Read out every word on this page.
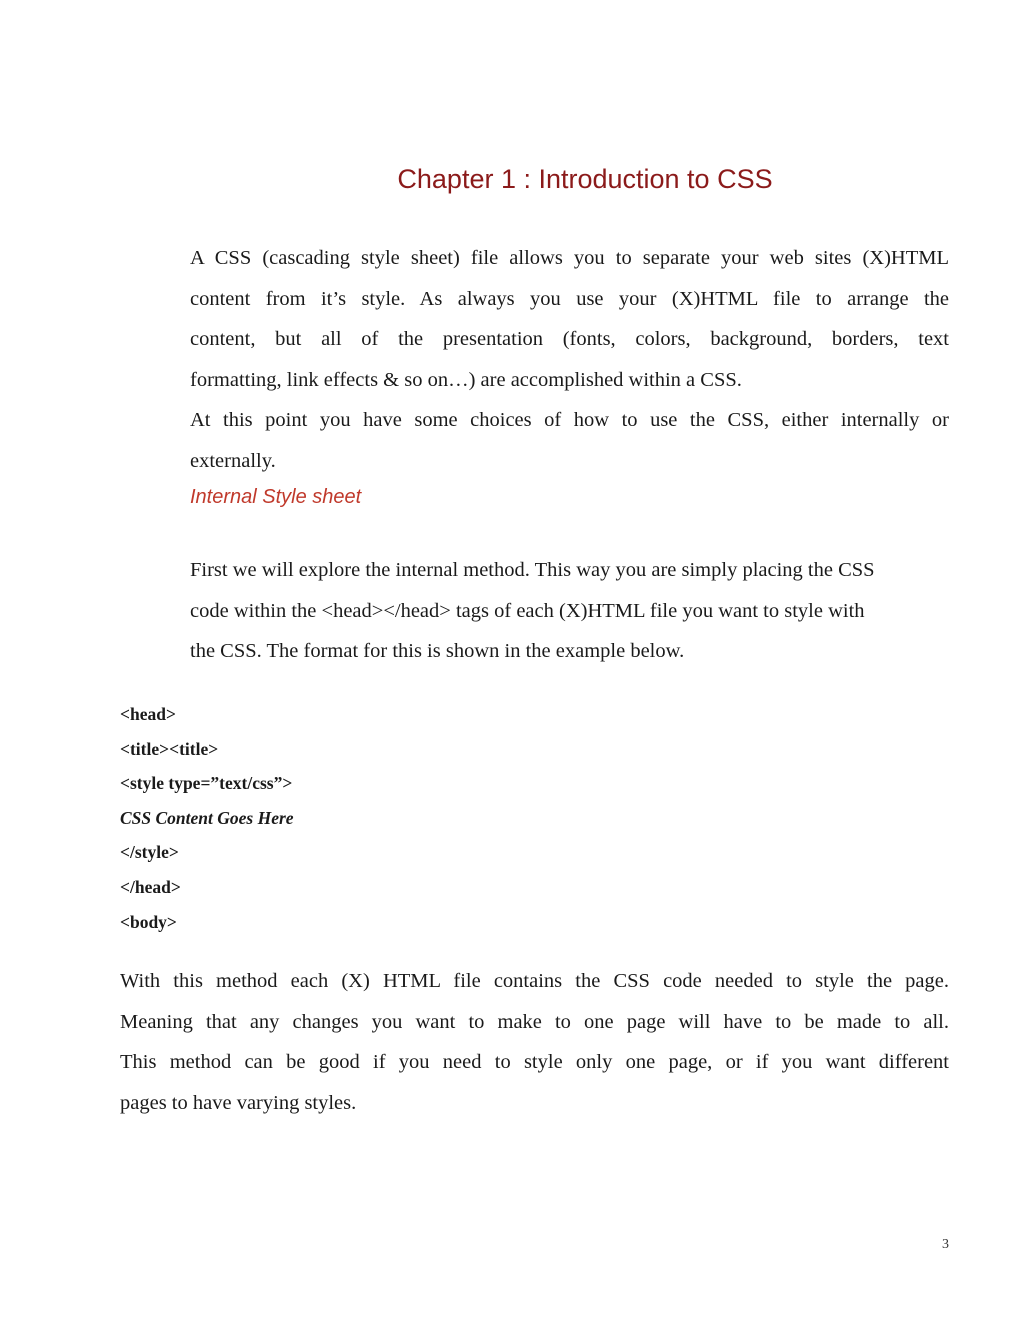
Chapter 1 : Introduction to CSS

A CSS (cascading style sheet) file allows you to separate your web sites (X)HTML
content from it’s style. As always you use your (X)HTML file to arrange the
content, but all of the presentation (fonts, colors, background, borders, text
formatting, link effects & so on…) are accomplished within a CSS.
At this point you have some choices of how to use the CSS, either internally or
externally.

Internal Style sheet

First we will explore the internal method. This way you are simply placing the CSS
code within the <head></head> tags of each (X)HTML file you want to style with
the CSS. The format for this is shown in the example below.

<head>
<title><title>
<style type=”text/css”>
CSS Content Goes Here
</style>
</head>
<body>

With this method each (X) HTML file contains the CSS code needed to style the page.
Meaning that any changes you want to make to one page will have to be made to all.
This method can be good if you need to style only one page, or if you want different
pages to have varying styles.

3
